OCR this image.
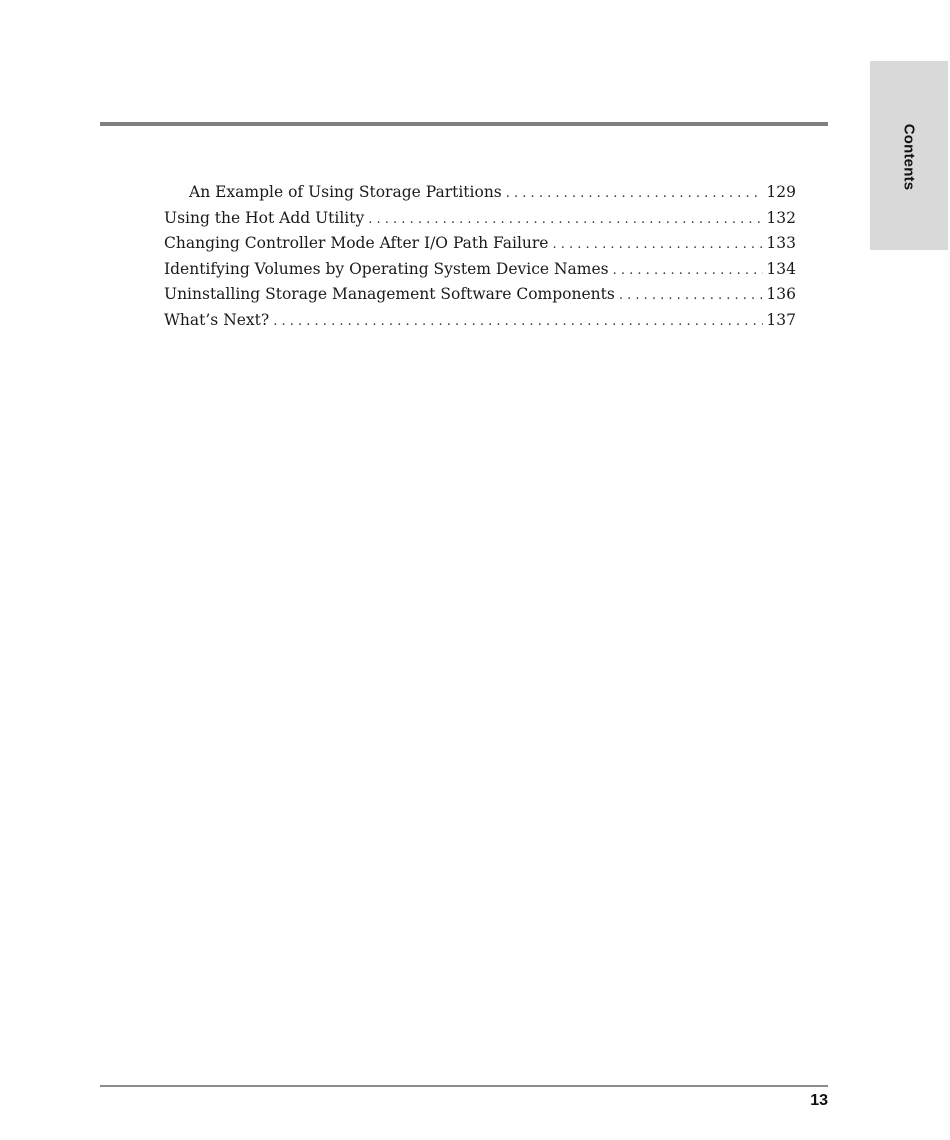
Contents
An Example of Using Storage Partitions . . .	129
Using the Hot Add Utility . . .	132
Changing Controller Mode After I/O Path Failure . . .	133
Identifying Volumes by Operating System Device Names . . .	134
Uninstalling Storage Management Software Components . . .	136
What’s Next? . . .	137
13
